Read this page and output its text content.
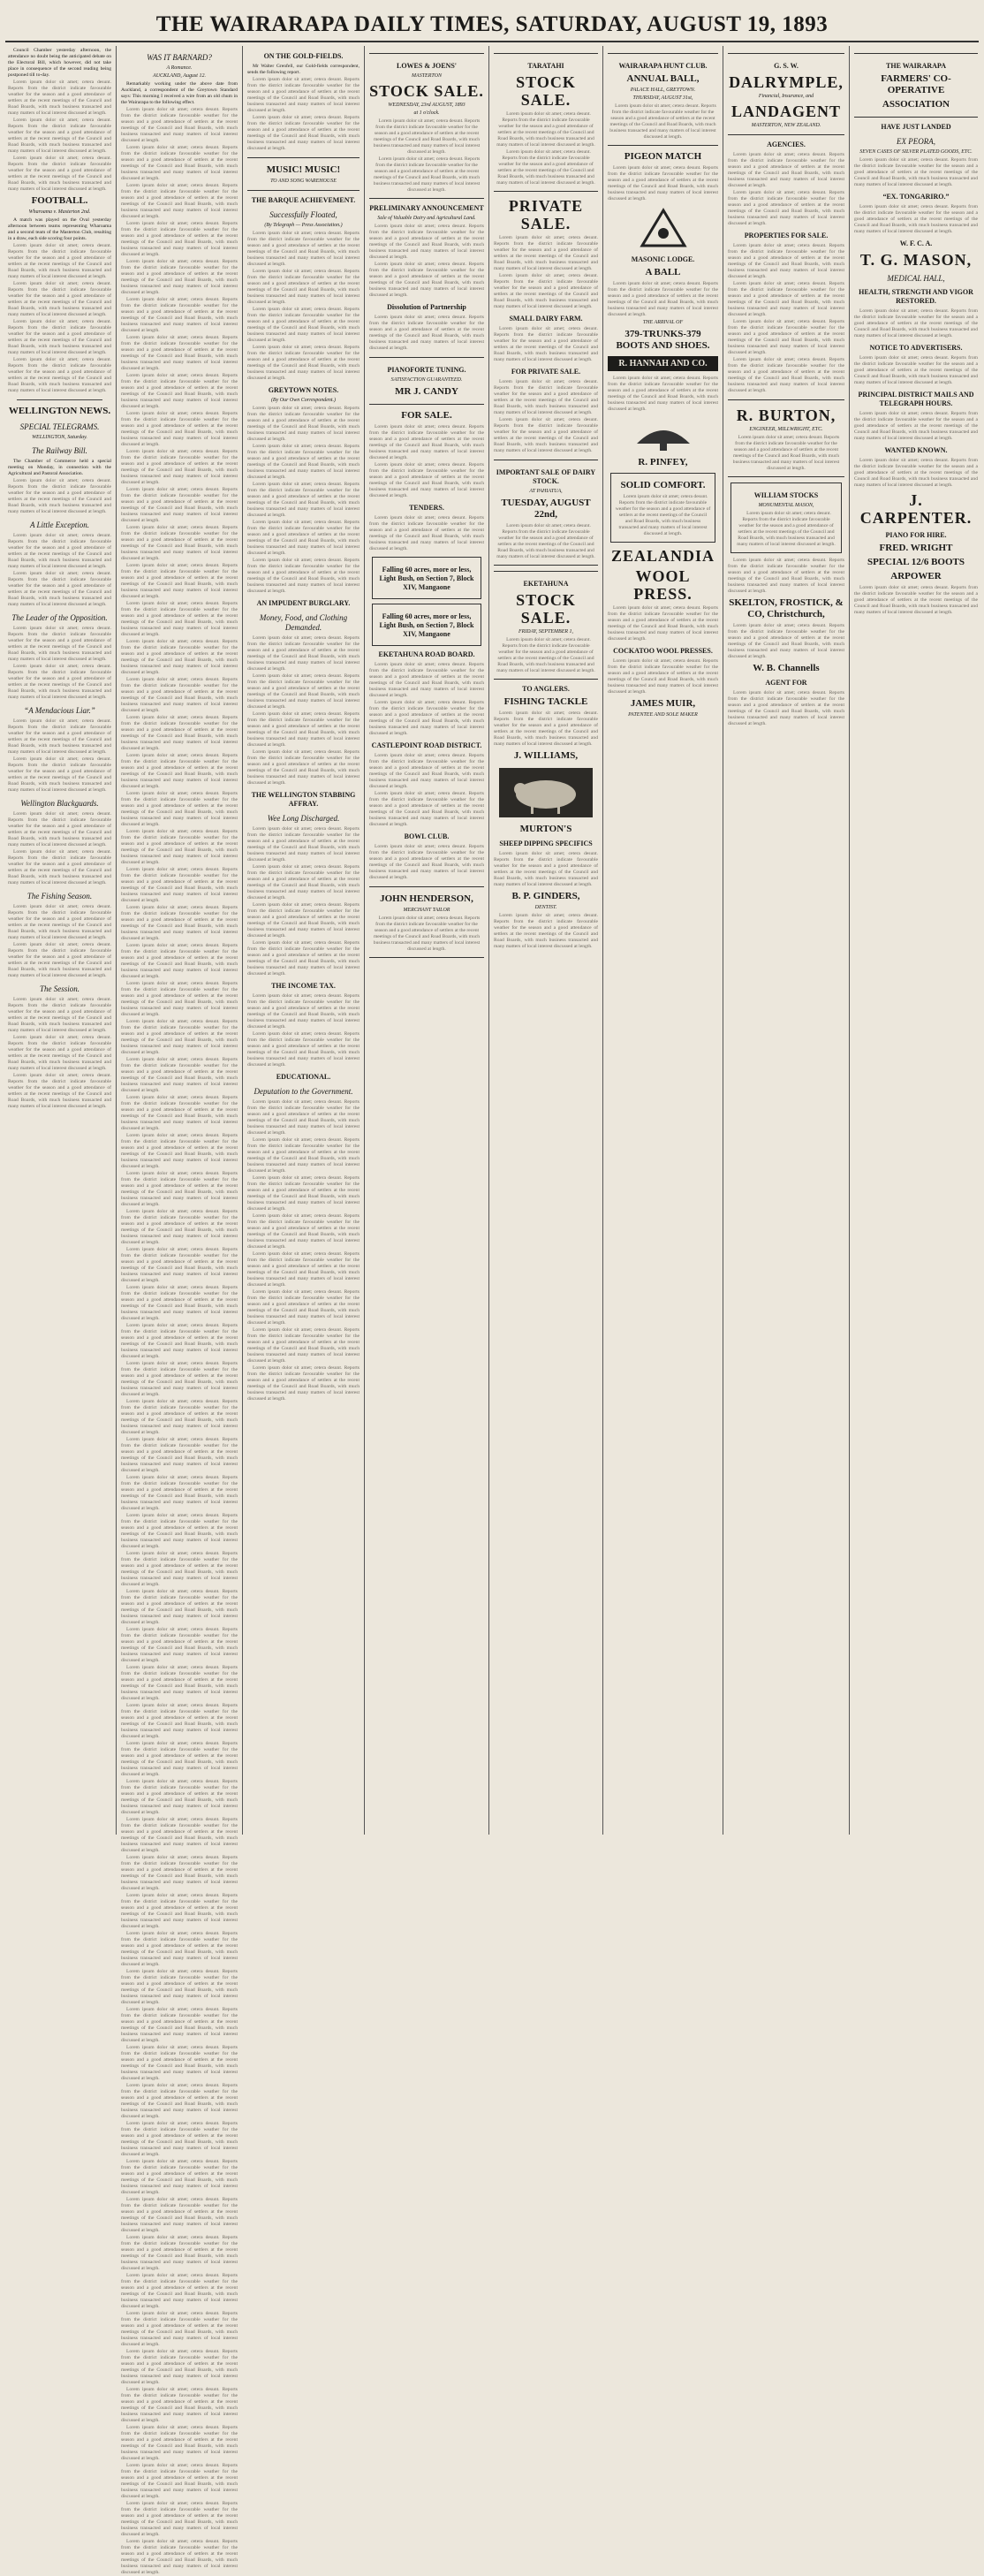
THE WAIRARAPA DAILY TIMES, SATURDAY, AUGUST 19, 1893

Council Chamber yesterday afternoon, the attendance no doubt being the anticipated debate on the Electoral Bill, which however, did not take place in consequence of the second reading being postponed till to-day.

Lorem ipsum dolor sit amet; cetera desunt. Reports from the district indicate favourable weather for the season and a good attendance of settlers at the recent meetings of the Council and Road Boards, with much business transacted and many matters of local interest discussed at length.

Lorem ipsum dolor sit amet; cetera desunt. Reports from the district indicate favourable weather for the season and a good attendance of settlers at the recent meetings of the Council and Road Boards, with much business transacted and many matters of local interest discussed at length.

Lorem ipsum dolor sit amet; cetera desunt. Reports from the district indicate favourable weather for the season and a good attendance of settlers at the recent meetings of the Council and Road Boards, with much business transacted and many matters of local interest discussed at length.

FOOTBALL.
Wharoama v. Masterton 2nd.

A match was played on the Oval yesterday afternoon between teams representing Wharoama and a second team of the Masterton Club, resulting in a draw, each side scoring four points.

Lorem ipsum dolor sit amet; cetera desunt. Reports from the district indicate favourable weather for the season and a good attendance of settlers at the recent meetings of the Council and Road Boards, with much business transacted and many matters of local interest discussed at length.

Lorem ipsum dolor sit amet; cetera desunt. Reports from the district indicate favourable weather for the season and a good attendance of settlers at the recent meetings of the Council and Road Boards, with much business transacted and many matters of local interest discussed at length.

Lorem ipsum dolor sit amet; cetera desunt. Reports from the district indicate favourable weather for the season and a good attendance of settlers at the recent meetings of the Council and Road Boards, with much business transacted and many matters of local interest discussed at length.

Lorem ipsum dolor sit amet; cetera desunt. Reports from the district indicate favourable weather for the season and a good attendance of settlers at the recent meetings of the Council and Road Boards, with much business transacted and many matters of local interest discussed at length.

WELLINGTON NEWS.
SPECIAL TELEGRAMS.
WELLINGTON, Saturday.
The Railway Bill.

The Chamber of Commerce held a special meeting on Monday, in connection with the Agricultural and Pastoral Association.

Lorem ipsum dolor sit amet; cetera desunt. Reports from the district indicate favourable weather for the season and a good attendance of settlers at the recent meetings of the Council and Road Boards, with much business transacted and many matters of local interest discussed at length.

A Little Exception.

Lorem ipsum dolor sit amet; cetera desunt. Reports from the district indicate favourable weather for the season and a good attendance of settlers at the recent meetings of the Council and Road Boards, with much business transacted and many matters of local interest discussed at length.

Lorem ipsum dolor sit amet; cetera desunt. Reports from the district indicate favourable weather for the season and a good attendance of settlers at the recent meetings of the Council and Road Boards, with much business transacted and many matters of local interest discussed at length.

The Leader of the Opposition.

Lorem ipsum dolor sit amet; cetera desunt. Reports from the district indicate favourable weather for the season and a good attendance of settlers at the recent meetings of the Council and Road Boards, with much business transacted and many matters of local interest discussed at length.

Lorem ipsum dolor sit amet; cetera desunt. Reports from the district indicate favourable weather for the season and a good attendance of settlers at the recent meetings of the Council and Road Boards, with much business transacted and many matters of local interest discussed at length.

“A Mendacious Liar.”

Lorem ipsum dolor sit amet; cetera desunt. Reports from the district indicate favourable weather for the season and a good attendance of settlers at the recent meetings of the Council and Road Boards, with much business transacted and many matters of local interest discussed at length.

Lorem ipsum dolor sit amet; cetera desunt. Reports from the district indicate favourable weather for the season and a good attendance of settlers at the recent meetings of the Council and Road Boards, with much business transacted and many matters of local interest discussed at length.

Wellington Blackguards.

Lorem ipsum dolor sit amet; cetera desunt. Reports from the district indicate favourable weather for the season and a good attendance of settlers at the recent meetings of the Council and Road Boards, with much business transacted and many matters of local interest discussed at length.

Lorem ipsum dolor sit amet; cetera desunt. Reports from the district indicate favourable weather for the season and a good attendance of settlers at the recent meetings of the Council and Road Boards, with much business transacted and many matters of local interest discussed at length.

The Fishing Season.

Lorem ipsum dolor sit amet; cetera desunt. Reports from the district indicate favourable weather for the season and a good attendance of settlers at the recent meetings of the Council and Road Boards, with much business transacted and many matters of local interest discussed at length.

Lorem ipsum dolor sit amet; cetera desunt. Reports from the district indicate favourable weather for the season and a good attendance of settlers at the recent meetings of the Council and Road Boards, with much business transacted and many matters of local interest discussed at length.

The Session.

Lorem ipsum dolor sit amet; cetera desunt. Reports from the district indicate favourable weather for the season and a good attendance of settlers at the recent meetings of the Council and Road Boards, with much business transacted and many matters of local interest discussed at length.

Lorem ipsum dolor sit amet; cetera desunt. Reports from the district indicate favourable weather for the season and a good attendance of settlers at the recent meetings of the Council and Road Boards, with much business transacted and many matters of local interest discussed at length.

Lorem ipsum dolor sit amet; cetera desunt. Reports from the district indicate favourable weather for the season and a good attendance of settlers at the recent meetings of the Council and Road Boards, with much business transacted and many matters of local interest discussed at length.

WAS IT BARNARD?
A Romance.
AUCKLAND, August 12.

Remarkably working under the above date from Auckland, a correspondent of the Greytown Standard says: This morning I received a wire from an old chum in the Wairarapa to the following effect.

Lorem ipsum dolor sit amet; cetera desunt. Reports from the district indicate favourable weather for the season and a good attendance of settlers at the recent meetings of the Council and Road Boards, with much business transacted and many matters of local interest discussed at length.

Lorem ipsum dolor sit amet; cetera desunt. Reports from the district indicate favourable weather for the season and a good attendance of settlers at the recent meetings of the Council and Road Boards, with much business transacted and many matters of local interest discussed at length.

Lorem ipsum dolor sit amet; cetera desunt. Reports from the district indicate favourable weather for the season and a good attendance of settlers at the recent meetings of the Council and Road Boards, with much business transacted and many matters of local interest discussed at length.

Lorem ipsum dolor sit amet; cetera desunt. Reports from the district indicate favourable weather for the season and a good attendance of settlers at the recent meetings of the Council and Road Boards, with much business transacted and many matters of local interest discussed at length.

Lorem ipsum dolor sit amet; cetera desunt. Reports from the district indicate favourable weather for the season and a good attendance of settlers at the recent meetings of the Council and Road Boards, with much business transacted and many matters of local interest discussed at length.

Lorem ipsum dolor sit amet; cetera desunt. Reports from the district indicate favourable weather for the season and a good attendance of settlers at the recent meetings of the Council and Road Boards, with much business transacted and many matters of local interest discussed at length.

Lorem ipsum dolor sit amet; cetera desunt. Reports from the district indicate favourable weather for the season and a good attendance of settlers at the recent meetings of the Council and Road Boards, with much business transacted and many matters of local interest discussed at length.

Lorem ipsum dolor sit amet; cetera desunt. Reports from the district indicate favourable weather for the season and a good attendance of settlers at the recent meetings of the Council and Road Boards, with much business transacted and many matters of local interest discussed at length.

Lorem ipsum dolor sit amet; cetera desunt. Reports from the district indicate favourable weather for the season and a good attendance of settlers at the recent meetings of the Council and Road Boards, with much business transacted and many matters of local interest discussed at length.

Lorem ipsum dolor sit amet; cetera desunt. Reports from the district indicate favourable weather for the season and a good attendance of settlers at the recent meetings of the Council and Road Boards, with much business transacted and many matters of local interest discussed at length.

Lorem ipsum dolor sit amet; cetera desunt. Reports from the district indicate favourable weather for the season and a good attendance of settlers at the recent meetings of the Council and Road Boards, with much business transacted and many matters of local interest discussed at length.

Lorem ipsum dolor sit amet; cetera desunt. Reports from the district indicate favourable weather for the season and a good attendance of settlers at the recent meetings of the Council and Road Boards, with much business transacted and many matters of local interest discussed at length.

Lorem ipsum dolor sit amet; cetera desunt. Reports from the district indicate favourable weather for the season and a good attendance of settlers at the recent meetings of the Council and Road Boards, with much business transacted and many matters of local interest discussed at length.

Lorem ipsum dolor sit amet; cetera desunt. Reports from the district indicate favourable weather for the season and a good attendance of settlers at the recent meetings of the Council and Road Boards, with much business transacted and many matters of local interest discussed at length.

Lorem ipsum dolor sit amet; cetera desunt. Reports from the district indicate favourable weather for the season and a good attendance of settlers at the recent meetings of the Council and Road Boards, with much business transacted and many matters of local interest discussed at length.

Lorem ipsum dolor sit amet; cetera desunt. Reports from the district indicate favourable weather for the season and a good attendance of settlers at the recent meetings of the Council and Road Boards, with much business transacted and many matters of local interest discussed at length.

Lorem ipsum dolor sit amet; cetera desunt. Reports from the district indicate favourable weather for the season and a good attendance of settlers at the recent meetings of the Council and Road Boards, with much business transacted and many matters of local interest discussed at length.

Lorem ipsum dolor sit amet; cetera desunt. Reports from the district indicate favourable weather for the season and a good attendance of settlers at the recent meetings of the Council and Road Boards, with much business transacted and many matters of local interest discussed at length.

Lorem ipsum dolor sit amet; cetera desunt. Reports from the district indicate favourable weather for the season and a good attendance of settlers at the recent meetings of the Council and Road Boards, with much business transacted and many matters of local interest discussed at length.

Lorem ipsum dolor sit amet; cetera desunt. Reports from the district indicate favourable weather for the season and a good attendance of settlers at the recent meetings of the Council and Road Boards, with much business transacted and many matters of local interest discussed at length.

Lorem ipsum dolor sit amet; cetera desunt. Reports from the district indicate favourable weather for the season and a good attendance of settlers at the recent meetings of the Council and Road Boards, with much business transacted and many matters of local interest discussed at length.

Lorem ipsum dolor sit amet; cetera desunt. Reports from the district indicate favourable weather for the season and a good attendance of settlers at the recent meetings of the Council and Road Boards, with much business transacted and many matters of local interest discussed at length.

Lorem ipsum dolor sit amet; cetera desunt. Reports from the district indicate favourable weather for the season and a good attendance of settlers at the recent meetings of the Council and Road Boards, with much business transacted and many matters of local interest discussed at length.

Lorem ipsum dolor sit amet; cetera desunt. Reports from the district indicate favourable weather for the season and a good attendance of settlers at the recent meetings of the Council and Road Boards, with much business transacted and many matters of local interest discussed at length.

Lorem ipsum dolor sit amet; cetera desunt. Reports from the district indicate favourable weather for the season and a good attendance of settlers at the recent meetings of the Council and Road Boards, with much business transacted and many matters of local interest discussed at length.

Lorem ipsum dolor sit amet; cetera desunt. Reports from the district indicate favourable weather for the season and a good attendance of settlers at the recent meetings of the Council and Road Boards, with much business transacted and many matters of local interest discussed at length.

Lorem ipsum dolor sit amet; cetera desunt. Reports from the district indicate favourable weather for the season and a good attendance of settlers at the recent meetings of the Council and Road Boards, with much business transacted and many matters of local interest discussed at length.

Lorem ipsum dolor sit amet; cetera desunt. Reports from the district indicate favourable weather for the season and a good attendance of settlers at the recent meetings of the Council and Road Boards, with much business transacted and many matters of local interest discussed at length.

Lorem ipsum dolor sit amet; cetera desunt. Reports from the district indicate favourable weather for the season and a good attendance of settlers at the recent meetings of the Council and Road Boards, with much business transacted and many matters of local interest discussed at length.

Lorem ipsum dolor sit amet; cetera desunt. Reports from the district indicate favourable weather for the season and a good attendance of settlers at the recent meetings of the Council and Road Boards, with much business transacted and many matters of local interest discussed at length.

Lorem ipsum dolor sit amet; cetera desunt. Reports from the district indicate favourable weather for the season and a good attendance of settlers at the recent meetings of the Council and Road Boards, with much business transacted and many matters of local interest discussed at length.

Lorem ipsum dolor sit amet; cetera desunt. Reports from the district indicate favourable weather for the season and a good attendance of settlers at the recent meetings of the Council and Road Boards, with much business transacted and many matters of local interest discussed at length.

Lorem ipsum dolor sit amet; cetera desunt. Reports from the district indicate favourable weather for the season and a good attendance of settlers at the recent meetings of the Council and Road Boards, with much business transacted and many matters of local interest discussed at length.

Lorem ipsum dolor sit amet; cetera desunt. Reports from the district indicate favourable weather for the season and a good attendance of settlers at the recent meetings of the Council and Road Boards, with much business transacted and many matters of local interest discussed at length.

Lorem ipsum dolor sit amet; cetera desunt. Reports from the district indicate favourable weather for the season and a good attendance of settlers at the recent meetings of the Council and Road Boards, with much business transacted and many matters of local interest discussed at length.

Lorem ipsum dolor sit amet; cetera desunt. Reports from the district indicate favourable weather for the season and a good attendance of settlers at the recent meetings of the Council and Road Boards, with much business transacted and many matters of local interest discussed at length.

Lorem ipsum dolor sit amet; cetera desunt. Reports from the district indicate favourable weather for the season and a good attendance of settlers at the recent meetings of the Council and Road Boards, with much business transacted and many matters of local interest discussed at length.

Lorem ipsum dolor sit amet; cetera desunt. Reports from the district indicate favourable weather for the season and a good attendance of settlers at the recent meetings of the Council and Road Boards, with much business transacted and many matters of local interest discussed at length.

Lorem ipsum dolor sit amet; cetera desunt. Reports from the district indicate favourable weather for the season and a good attendance of settlers at the recent meetings of the Council and Road Boards, with much business transacted and many matters of local interest discussed at length.

Lorem ipsum dolor sit amet; cetera desunt. Reports from the district indicate favourable weather for the season and a good attendance of settlers at the recent meetings of the Council and Road Boards, with much business transacted and many matters of local interest discussed at length.

Lorem ipsum dolor sit amet; cetera desunt. Reports from the district indicate favourable weather for the season and a good attendance of settlers at the recent meetings of the Council and Road Boards, with much business transacted and many matters of local interest discussed at length.

Lorem ipsum dolor sit amet; cetera desunt. Reports from the district indicate favourable weather for the season and a good attendance of settlers at the recent meetings of the Council and Road Boards, with much business transacted and many matters of local interest discussed at length.

Lorem ipsum dolor sit amet; cetera desunt. Reports from the district indicate favourable weather for the season and a good attendance of settlers at the recent meetings of the Council and Road Boards, with much business transacted and many matters of local interest discussed at length.

Lorem ipsum dolor sit amet; cetera desunt. Reports from the district indicate favourable weather for the season and a good attendance of settlers at the recent meetings of the Council and Road Boards, with much business transacted and many matters of local interest discussed at length.

Lorem ipsum dolor sit amet; cetera desunt. Reports from the district indicate favourable weather for the season and a good attendance of settlers at the recent meetings of the Council and Road Boards, with much business transacted and many matters of local interest discussed at length.

Lorem ipsum dolor sit amet; cetera desunt. Reports from the district indicate favourable weather for the season and a good attendance of settlers at the recent meetings of the Council and Road Boards, with much business transacted and many matters of local interest discussed at length.

Lorem ipsum dolor sit amet; cetera desunt. Reports from the district indicate favourable weather for the season and a good attendance of settlers at the recent meetings of the Council and Road Boards, with much business transacted and many matters of local interest discussed at length.

Lorem ipsum dolor sit amet; cetera desunt. Reports from the district indicate favourable weather for the season and a good attendance of settlers at the recent meetings of the Council and Road Boards, with much business transacted and many matters of local interest discussed at length.

Lorem ipsum dolor sit amet; cetera desunt. Reports from the district indicate favourable weather for the season and a good attendance of settlers at the recent meetings of the Council and Road Boards, with much business transacted and many matters of local interest discussed at length.

Lorem ipsum dolor sit amet; cetera desunt. Reports from the district indicate favourable weather for the season and a good attendance of settlers at the recent meetings of the Council and Road Boards, with much business transacted and many matters of local interest discussed at length.

Lorem ipsum dolor sit amet; cetera desunt. Reports from the district indicate favourable weather for the season and a good attendance of settlers at the recent meetings of the Council and Road Boards, with much business transacted and many matters of local interest discussed at length.

Lorem ipsum dolor sit amet; cetera desunt. Reports from the district indicate favourable weather for the season and a good attendance of settlers at the recent meetings of the Council and Road Boards, with much business transacted and many matters of local interest discussed at length.

Lorem ipsum dolor sit amet; cetera desunt. Reports from the district indicate favourable weather for the season and a good attendance of settlers at the recent meetings of the Council and Road Boards, with much business transacted and many matters of local interest discussed at length.

Lorem ipsum dolor sit amet; cetera desunt. Reports from the district indicate favourable weather for the season and a good attendance of settlers at the recent meetings of the Council and Road Boards, with much business transacted and many matters of local interest discussed at length.

Lorem ipsum dolor sit amet; cetera desunt. Reports from the district indicate favourable weather for the season and a good attendance of settlers at the recent meetings of the Council and Road Boards, with much business transacted and many matters of local interest discussed at length.

Lorem ipsum dolor sit amet; cetera desunt. Reports from the district indicate favourable weather for the season and a good attendance of settlers at the recent meetings of the Council and Road Boards, with much business transacted and many matters of local interest discussed at length.

Lorem ipsum dolor sit amet; cetera desunt. Reports from the district indicate favourable weather for the season and a good attendance of settlers at the recent meetings of the Council and Road Boards, with much business transacted and many matters of local interest discussed at length.

Lorem ipsum dolor sit amet; cetera desunt. Reports from the district indicate favourable weather for the season and a good attendance of settlers at the recent meetings of the Council and Road Boards, with much business transacted and many matters of local interest discussed at length.

Lorem ipsum dolor sit amet; cetera desunt. Reports from the district indicate favourable weather for the season and a good attendance of settlers at the recent meetings of the Council and Road Boards, with much business transacted and many matters of local interest discussed at length.

Lorem ipsum dolor sit amet; cetera desunt. Reports from the district indicate favourable weather for the season and a good attendance of settlers at the recent meetings of the Council and Road Boards, with much business transacted and many matters of local interest discussed at length.

Lorem ipsum dolor sit amet; cetera desunt. Reports from the district indicate favourable weather for the season and a good attendance of settlers at the recent meetings of the Council and Road Boards, with much business transacted and many matters of local interest discussed at length.

Lorem ipsum dolor sit amet; cetera desunt. Reports from the district indicate favourable weather for the season and a good attendance of settlers at the recent meetings of the Council and Road Boards, with much business transacted and many matters of local interest discussed at length.

Lorem ipsum dolor sit amet; cetera desunt. Reports from the district indicate favourable weather for the season and a good attendance of settlers at the recent meetings of the Council and Road Boards, with much business transacted and many matters of local interest discussed at length.

Lorem ipsum dolor sit amet; cetera desunt. Reports from the district indicate favourable weather for the season and a good attendance of settlers at the recent meetings of the Council and Road Boards, with much business transacted and many matters of local interest discussed at length.

Lorem ipsum dolor sit amet; cetera desunt. Reports from the district indicate favourable weather for the season and a good attendance of settlers at the recent meetings of the Council and Road Boards, with much business transacted and many matters of local interest discussed at length.

ON THE GOLD-FIELDS.

Mr Walter Grenfell, our Gold-fields correspondent, sends the following report.

Lorem ipsum dolor sit amet; cetera desunt. Reports from the district indicate favourable weather for the season and a good attendance of settlers at the recent meetings of the Council and Road Boards, with much business transacted and many matters of local interest discussed at length.

Lorem ipsum dolor sit amet; cetera desunt. Reports from the district indicate favourable weather for the season and a good attendance of settlers at the recent meetings of the Council and Road Boards, with much business transacted and many matters of local interest discussed at length.

MUSIC! MUSIC!
TO AND SONG WAREHOUSE
THE BARQUE ACHIEVEMENT.
Successfully Floated,
(By Telegraph — Press Association.)

Lorem ipsum dolor sit amet; cetera desunt. Reports from the district indicate favourable weather for the season and a good attendance of settlers at the recent meetings of the Council and Road Boards, with much business transacted and many matters of local interest discussed at length.

Lorem ipsum dolor sit amet; cetera desunt. Reports from the district indicate favourable weather for the season and a good attendance of settlers at the recent meetings of the Council and Road Boards, with much business transacted and many matters of local interest discussed at length.

Lorem ipsum dolor sit amet; cetera desunt. Reports from the district indicate favourable weather for the season and a good attendance of settlers at the recent meetings of the Council and Road Boards, with much business transacted and many matters of local interest discussed at length.

Lorem ipsum dolor sit amet; cetera desunt. Reports from the district indicate favourable weather for the season and a good attendance of settlers at the recent meetings of the Council and Road Boards, with much business transacted and many matters of local interest discussed at length.

GREYTOWN NOTES.
(By Our Own Correspondent.)

Lorem ipsum dolor sit amet; cetera desunt. Reports from the district indicate favourable weather for the season and a good attendance of settlers at the recent meetings of the Council and Road Boards, with much business transacted and many matters of local interest discussed at length.

Lorem ipsum dolor sit amet; cetera desunt. Reports from the district indicate favourable weather for the season and a good attendance of settlers at the recent meetings of the Council and Road Boards, with much business transacted and many matters of local interest discussed at length.

Lorem ipsum dolor sit amet; cetera desunt. Reports from the district indicate favourable weather for the season and a good attendance of settlers at the recent meetings of the Council and Road Boards, with much business transacted and many matters of local interest discussed at length.

Lorem ipsum dolor sit amet; cetera desunt. Reports from the district indicate favourable weather for the season and a good attendance of settlers at the recent meetings of the Council and Road Boards, with much business transacted and many matters of local interest discussed at length.

Lorem ipsum dolor sit amet; cetera desunt. Reports from the district indicate favourable weather for the season and a good attendance of settlers at the recent meetings of the Council and Road Boards, with much business transacted and many matters of local interest discussed at length.

AN IMPUDENT BURGLARY.
Money, Food, and Clothing Demanded.

Lorem ipsum dolor sit amet; cetera desunt. Reports from the district indicate favourable weather for the season and a good attendance of settlers at the recent meetings of the Council and Road Boards, with much business transacted and many matters of local interest discussed at length.

Lorem ipsum dolor sit amet; cetera desunt. Reports from the district indicate favourable weather for the season and a good attendance of settlers at the recent meetings of the Council and Road Boards, with much business transacted and many matters of local interest discussed at length.

Lorem ipsum dolor sit amet; cetera desunt. Reports from the district indicate favourable weather for the season and a good attendance of settlers at the recent meetings of the Council and Road Boards, with much business transacted and many matters of local interest discussed at length.

Lorem ipsum dolor sit amet; cetera desunt. Reports from the district indicate favourable weather for the season and a good attendance of settlers at the recent meetings of the Council and Road Boards, with much business transacted and many matters of local interest discussed at length.

THE WELLINGTON STABBING AFFRAY.
Wee Long Discharged.

Lorem ipsum dolor sit amet; cetera desunt. Reports from the district indicate favourable weather for the season and a good attendance of settlers at the recent meetings of the Council and Road Boards, with much business transacted and many matters of local interest discussed at length.

Lorem ipsum dolor sit amet; cetera desunt. Reports from the district indicate favourable weather for the season and a good attendance of settlers at the recent meetings of the Council and Road Boards, with much business transacted and many matters of local interest discussed at length.

Lorem ipsum dolor sit amet; cetera desunt. Reports from the district indicate favourable weather for the season and a good attendance of settlers at the recent meetings of the Council and Road Boards, with much business transacted and many matters of local interest discussed at length.

Lorem ipsum dolor sit amet; cetera desunt. Reports from the district indicate favourable weather for the season and a good attendance of settlers at the recent meetings of the Council and Road Boards, with much business transacted and many matters of local interest discussed at length.

THE INCOME TAX.

Lorem ipsum dolor sit amet; cetera desunt. Reports from the district indicate favourable weather for the season and a good attendance of settlers at the recent meetings of the Council and Road Boards, with much business transacted and many matters of local interest discussed at length.

Lorem ipsum dolor sit amet; cetera desunt. Reports from the district indicate favourable weather for the season and a good attendance of settlers at the recent meetings of the Council and Road Boards, with much business transacted and many matters of local interest discussed at length.

EDUCATIONAL.
Deputation to the Government.

Lorem ipsum dolor sit amet; cetera desunt. Reports from the district indicate favourable weather for the season and a good attendance of settlers at the recent meetings of the Council and Road Boards, with much business transacted and many matters of local interest discussed at length.

Lorem ipsum dolor sit amet; cetera desunt. Reports from the district indicate favourable weather for the season and a good attendance of settlers at the recent meetings of the Council and Road Boards, with much business transacted and many matters of local interest discussed at length.

Lorem ipsum dolor sit amet; cetera desunt. Reports from the district indicate favourable weather for the season and a good attendance of settlers at the recent meetings of the Council and Road Boards, with much business transacted and many matters of local interest discussed at length.

Lorem ipsum dolor sit amet; cetera desunt. Reports from the district indicate favourable weather for the season and a good attendance of settlers at the recent meetings of the Council and Road Boards, with much business transacted and many matters of local interest discussed at length.

Lorem ipsum dolor sit amet; cetera desunt. Reports from the district indicate favourable weather for the season and a good attendance of settlers at the recent meetings of the Council and Road Boards, with much business transacted and many matters of local interest discussed at length.

Lorem ipsum dolor sit amet; cetera desunt. Reports from the district indicate favourable weather for the season and a good attendance of settlers at the recent meetings of the Council and Road Boards, with much business transacted and many matters of local interest discussed at length.

Lorem ipsum dolor sit amet; cetera desunt. Reports from the district indicate favourable weather for the season and a good attendance of settlers at the recent meetings of the Council and Road Boards, with much business transacted and many matters of local interest discussed at length.

Lorem ipsum dolor sit amet; cetera desunt. Reports from the district indicate favourable weather for the season and a good attendance of settlers at the recent meetings of the Council and Road Boards, with much business transacted and many matters of local interest discussed at length.

LOWES & JOENS'
MASTERTON
STOCK SALE.
WEDNESDAY, 23rd AUGUST, 1893
at 1 o'clock.

Lorem ipsum dolor sit amet; cetera desunt. Reports from the district indicate favourable weather for the season and a good attendance of settlers at the recent meetings of the Council and Road Boards, with much business transacted and many matters of local interest discussed at length.

Lorem ipsum dolor sit amet; cetera desunt. Reports from the district indicate favourable weather for the season and a good attendance of settlers at the recent meetings of the Council and Road Boards, with much business transacted and many matters of local interest discussed at length.

PRELIMINARY ANNOUNCEMENT
Sale of Valuable Dairy and Agricultural Land.

Lorem ipsum dolor sit amet; cetera desunt. Reports from the district indicate favourable weather for the season and a good attendance of settlers at the recent meetings of the Council and Road Boards, with much business transacted and many matters of local interest discussed at length.

Lorem ipsum dolor sit amet; cetera desunt. Reports from the district indicate favourable weather for the season and a good attendance of settlers at the recent meetings of the Council and Road Boards, with much business transacted and many matters of local interest discussed at length.

Dissolution of Partnership

Lorem ipsum dolor sit amet; cetera desunt. Reports from the district indicate favourable weather for the season and a good attendance of settlers at the recent meetings of the Council and Road Boards, with much business transacted and many matters of local interest discussed at length.

PIANOFORTE TUNING.
SATISFACTION GUARANTEED.
MR J. CANDY
FOR SALE.

Lorem ipsum dolor sit amet; cetera desunt. Reports from the district indicate favourable weather for the season and a good attendance of settlers at the recent meetings of the Council and Road Boards, with much business transacted and many matters of local interest discussed at length.

Lorem ipsum dolor sit amet; cetera desunt. Reports from the district indicate favourable weather for the season and a good attendance of settlers at the recent meetings of the Council and Road Boards, with much business transacted and many matters of local interest discussed at length.

TENDERS.

Lorem ipsum dolor sit amet; cetera desunt. Reports from the district indicate favourable weather for the season and a good attendance of settlers at the recent meetings of the Council and Road Boards, with much business transacted and many matters of local interest discussed at length.

Falling 60 acres, more or less, Light Bush, on Section 7, Block XIV, Mangaone
Falling 60 acres, more or less, Light Bush, on Section 7, Block XIV, Mangaone
EKETAHUNA ROAD BOARD.

Lorem ipsum dolor sit amet; cetera desunt. Reports from the district indicate favourable weather for the season and a good attendance of settlers at the recent meetings of the Council and Road Boards, with much business transacted and many matters of local interest discussed at length.

Lorem ipsum dolor sit amet; cetera desunt. Reports from the district indicate favourable weather for the season and a good attendance of settlers at the recent meetings of the Council and Road Boards, with much business transacted and many matters of local interest discussed at length.

CASTLEPOINT ROAD DISTRICT.

Lorem ipsum dolor sit amet; cetera desunt. Reports from the district indicate favourable weather for the season and a good attendance of settlers at the recent meetings of the Council and Road Boards, with much business transacted and many matters of local interest discussed at length.

Lorem ipsum dolor sit amet; cetera desunt. Reports from the district indicate favourable weather for the season and a good attendance of settlers at the recent meetings of the Council and Road Boards, with much business transacted and many matters of local interest discussed at length.

BOWL CLUB.

Lorem ipsum dolor sit amet; cetera desunt. Reports from the district indicate favourable weather for the season and a good attendance of settlers at the recent meetings of the Council and Road Boards, with much business transacted and many matters of local interest discussed at length.

JOHN HENDERSON,
MERCHANT TAILOR

Lorem ipsum dolor sit amet; cetera desunt. Reports from the district indicate favourable weather for the season and a good attendance of settlers at the recent meetings of the Council and Road Boards, with much business transacted and many matters of local interest discussed at length.

TARATAHI
STOCK SALE.

Lorem ipsum dolor sit amet; cetera desunt. Reports from the district indicate favourable weather for the season and a good attendance of settlers at the recent meetings of the Council and Road Boards, with much business transacted and many matters of local interest discussed at length.

Lorem ipsum dolor sit amet; cetera desunt. Reports from the district indicate favourable weather for the season and a good attendance of settlers at the recent meetings of the Council and Road Boards, with much business transacted and many matters of local interest discussed at length.

PRIVATE SALE.

Lorem ipsum dolor sit amet; cetera desunt. Reports from the district indicate favourable weather for the season and a good attendance of settlers at the recent meetings of the Council and Road Boards, with much business transacted and many matters of local interest discussed at length.

Lorem ipsum dolor sit amet; cetera desunt. Reports from the district indicate favourable weather for the season and a good attendance of settlers at the recent meetings of the Council and Road Boards, with much business transacted and many matters of local interest discussed at length.

SMALL DAIRY FARM.

Lorem ipsum dolor sit amet; cetera desunt. Reports from the district indicate favourable weather for the season and a good attendance of settlers at the recent meetings of the Council and Road Boards, with much business transacted and many matters of local interest discussed at length.

FOR PRIVATE SALE.

Lorem ipsum dolor sit amet; cetera desunt. Reports from the district indicate favourable weather for the season and a good attendance of settlers at the recent meetings of the Council and Road Boards, with much business transacted and many matters of local interest discussed at length.

Lorem ipsum dolor sit amet; cetera desunt. Reports from the district indicate favourable weather for the season and a good attendance of settlers at the recent meetings of the Council and Road Boards, with much business transacted and many matters of local interest discussed at length.

IMPORTANT SALE OF DAIRY STOCK.
AT PAHIATUA,
TUESDAY, AUGUST 22nd,

Lorem ipsum dolor sit amet; cetera desunt. Reports from the district indicate favourable weather for the season and a good attendance of settlers at the recent meetings of the Council and Road Boards, with much business transacted and many matters of local interest discussed at length.

EKETAHUNA
STOCK SALE.
FRIDAY, SEPTEMBER 1,

Lorem ipsum dolor sit amet; cetera desunt. Reports from the district indicate favourable weather for the season and a good attendance of settlers at the recent meetings of the Council and Road Boards, with much business transacted and many matters of local interest discussed at length.

TO ANGLERS.
FISHING TACKLE

Lorem ipsum dolor sit amet; cetera desunt. Reports from the district indicate favourable weather for the season and a good attendance of settlers at the recent meetings of the Council and Road Boards, with much business transacted and many matters of local interest discussed at length.

J. WILLIAMS,
MURTON'S
SHEEP DIPPING SPECIFICS

Lorem ipsum dolor sit amet; cetera desunt. Reports from the district indicate favourable weather for the season and a good attendance of settlers at the recent meetings of the Council and Road Boards, with much business transacted and many matters of local interest discussed at length.

B. P. GINDERS,
DENTIST.

Lorem ipsum dolor sit amet; cetera desunt. Reports from the district indicate favourable weather for the season and a good attendance of settlers at the recent meetings of the Council and Road Boards, with much business transacted and many matters of local interest discussed at length.

WAIRARAPA HUNT CLUB.
ANNUAL BALL,
PALACE HALL, GREYTOWN.
THURSDAY, AUGUST 31st,

Lorem ipsum dolor sit amet; cetera desunt. Reports from the district indicate favourable weather for the season and a good attendance of settlers at the recent meetings of the Council and Road Boards, with much business transacted and many matters of local interest discussed at length.

PIGEON MATCH

Lorem ipsum dolor sit amet; cetera desunt. Reports from the district indicate favourable weather for the season and a good attendance of settlers at the recent meetings of the Council and Road Boards, with much business transacted and many matters of local interest discussed at length.

MASONIC LODGE.
A BALL

Lorem ipsum dolor sit amet; cetera desunt. Reports from the district indicate favourable weather for the season and a good attendance of settlers at the recent meetings of the Council and Road Boards, with much business transacted and many matters of local interest discussed at length.

THE ARRIVAL OF
379-TRUNKS-379 BOOTS AND SHOES.
R. HANNAH AND CO.

Lorem ipsum dolor sit amet; cetera desunt. Reports from the district indicate favourable weather for the season and a good attendance of settlers at the recent meetings of the Council and Road Boards, with much business transacted and many matters of local interest discussed at length.

R. PINFEY,
SOLID COMFORT.

Lorem ipsum dolor sit amet; cetera desunt. Reports from the district indicate favourable weather for the season and a good attendance of settlers at the recent meetings of the Council and Road Boards, with much business transacted and many matters of local interest discussed at length.

ZEALANDIA
WOOL PRESS.

Lorem ipsum dolor sit amet; cetera desunt. Reports from the district indicate favourable weather for the season and a good attendance of settlers at the recent meetings of the Council and Road Boards, with much business transacted and many matters of local interest discussed at length.

COCKATOO WOOL PRESSES.

Lorem ipsum dolor sit amet; cetera desunt. Reports from the district indicate favourable weather for the season and a good attendance of settlers at the recent meetings of the Council and Road Boards, with much business transacted and many matters of local interest discussed at length.

JAMES MUIR,
PATENTEE AND SOLE MAKER
G. S. W.
DALRYMPLE,
Financial, Insurance, and
LANDAGENT
MASTERTON, NEW ZEALAND.
AGENCIES.

Lorem ipsum dolor sit amet; cetera desunt. Reports from the district indicate favourable weather for the season and a good attendance of settlers at the recent meetings of the Council and Road Boards, with much business transacted and many matters of local interest discussed at length.

Lorem ipsum dolor sit amet; cetera desunt. Reports from the district indicate favourable weather for the season and a good attendance of settlers at the recent meetings of the Council and Road Boards, with much business transacted and many matters of local interest discussed at length.

PROPERTIES FOR SALE.

Lorem ipsum dolor sit amet; cetera desunt. Reports from the district indicate favourable weather for the season and a good attendance of settlers at the recent meetings of the Council and Road Boards, with much business transacted and many matters of local interest discussed at length.

Lorem ipsum dolor sit amet; cetera desunt. Reports from the district indicate favourable weather for the season and a good attendance of settlers at the recent meetings of the Council and Road Boards, with much business transacted and many matters of local interest discussed at length.

Lorem ipsum dolor sit amet; cetera desunt. Reports from the district indicate favourable weather for the season and a good attendance of settlers at the recent meetings of the Council and Road Boards, with much business transacted and many matters of local interest discussed at length.

Lorem ipsum dolor sit amet; cetera desunt. Reports from the district indicate favourable weather for the season and a good attendance of settlers at the recent meetings of the Council and Road Boards, with much business transacted and many matters of local interest discussed at length.

R. BURTON,
ENGINEER, MILLWRIGHT, ETC.

Lorem ipsum dolor sit amet; cetera desunt. Reports from the district indicate favourable weather for the season and a good attendance of settlers at the recent meetings of the Council and Road Boards, with much business transacted and many matters of local interest discussed at length.

WILLIAM STOCKS
MONUMENTAL MASON,

Lorem ipsum dolor sit amet; cetera desunt. Reports from the district indicate favourable weather for the season and a good attendance of settlers at the recent meetings of the Council and Road Boards, with much business transacted and many matters of local interest discussed at length.

Lorem ipsum dolor sit amet; cetera desunt. Reports from the district indicate favourable weather for the season and a good attendance of settlers at the recent meetings of the Council and Road Boards, with much business transacted and many matters of local interest discussed at length.

SKELTON, FROSTICK, & CO, Christchurch,

Lorem ipsum dolor sit amet; cetera desunt. Reports from the district indicate favourable weather for the season and a good attendance of settlers at the recent meetings of the Council and Road Boards, with much business transacted and many matters of local interest discussed at length.

W. B. Channells
AGENT FOR

Lorem ipsum dolor sit amet; cetera desunt. Reports from the district indicate favourable weather for the season and a good attendance of settlers at the recent meetings of the Council and Road Boards, with much business transacted and many matters of local interest discussed at length.

THE WAIRARAPA
FARMERS' CO-OPERATIVE
ASSOCIATION
HAVE JUST LANDED
EX PEORA,
SEVEN CASES OF SILVER PLATED GOODS, ETC.

Lorem ipsum dolor sit amet; cetera desunt. Reports from the district indicate favourable weather for the season and a good attendance of settlers at the recent meetings of the Council and Road Boards, with much business transacted and many matters of local interest discussed at length.

“EX. TONGARIRO.”

Lorem ipsum dolor sit amet; cetera desunt. Reports from the district indicate favourable weather for the season and a good attendance of settlers at the recent meetings of the Council and Road Boards, with much business transacted and many matters of local interest discussed at length.

W. F. C. A.
T. G. MASON,
MEDICAL HALL,
HEALTH, STRENGTH AND VIGOR RESTORED.

Lorem ipsum dolor sit amet; cetera desunt. Reports from the district indicate favourable weather for the season and a good attendance of settlers at the recent meetings of the Council and Road Boards, with much business transacted and many matters of local interest discussed at length.

NOTICE TO ADVERTISERS.

Lorem ipsum dolor sit amet; cetera desunt. Reports from the district indicate favourable weather for the season and a good attendance of settlers at the recent meetings of the Council and Road Boards, with much business transacted and many matters of local interest discussed at length.

PRINCIPAL DISTRICT MAILS AND TELEGRAPH HOURS.

Lorem ipsum dolor sit amet; cetera desunt. Reports from the district indicate favourable weather for the season and a good attendance of settlers at the recent meetings of the Council and Road Boards, with much business transacted and many matters of local interest discussed at length.

WANTED KNOWN.

Lorem ipsum dolor sit amet; cetera desunt. Reports from the district indicate favourable weather for the season and a good attendance of settlers at the recent meetings of the Council and Road Boards, with much business transacted and many matters of local interest discussed at length.

J. CARPENTER.
PIANO FOR HIRE.
FRED. WRIGHT
SPECIAL 12/6 BOOTS
ARPOWER

Lorem ipsum dolor sit amet; cetera desunt. Reports from the district indicate favourable weather for the season and a good attendance of settlers at the recent meetings of the Council and Road Boards, with much business transacted and many matters of local interest discussed at length.
